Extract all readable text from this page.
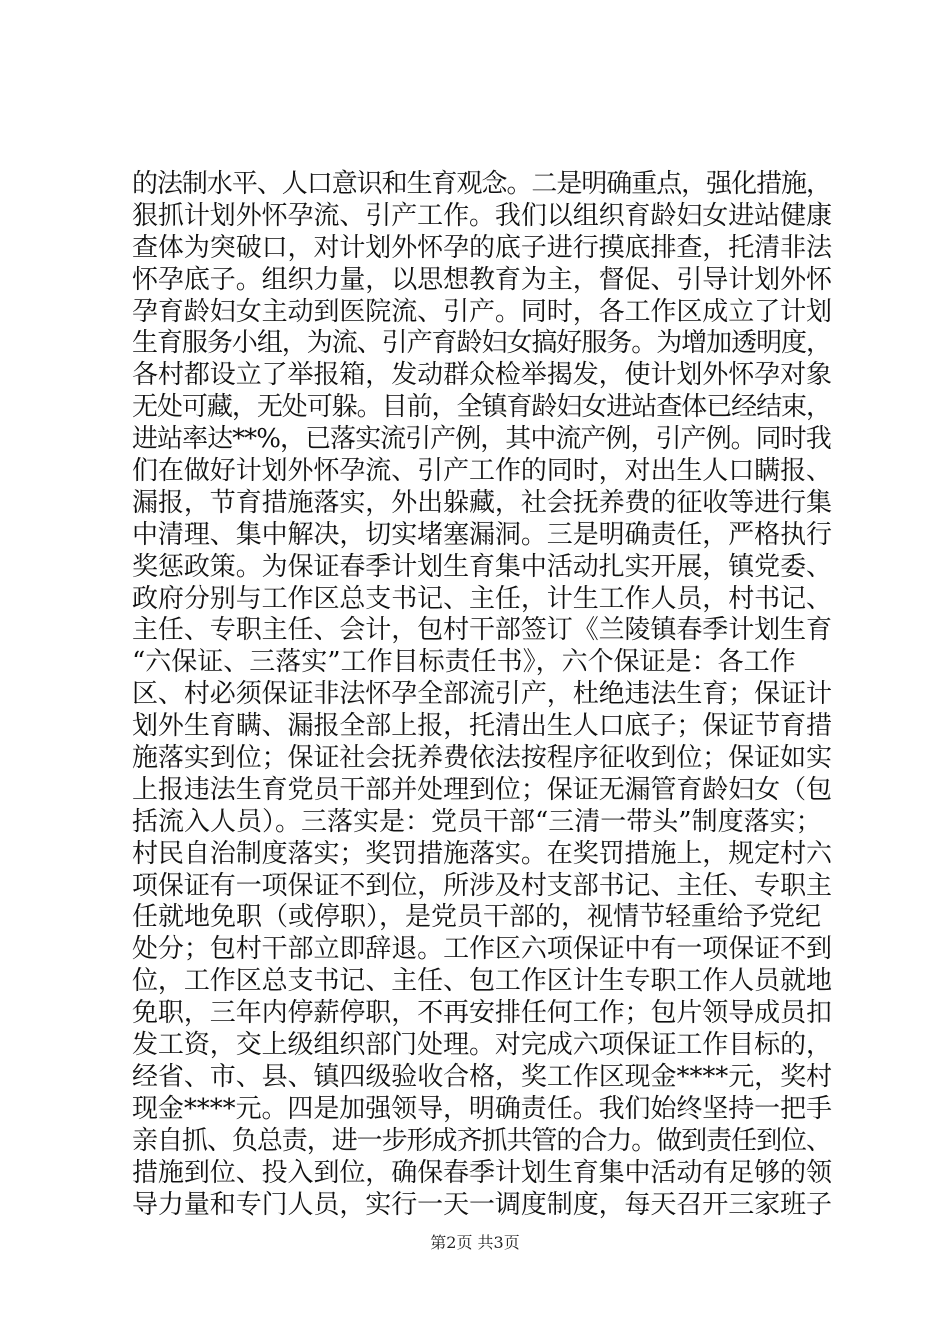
的法制水平、人口意识和生育观念。二是明确重点，强化措施，
狠抓计划外怀孕流、引产工作。我们以组织育龄妇女进站健康
查体为突破口，对计划外怀孕的底子进行摸底排查，托清非法
怀孕底子。组织力量，以思想教育为主，督促、引导计划外怀
孕育龄妇女主动到医院流、引产。同时，各工作区成立了计划
生育服务小组，为流、引产育龄妇女搞好服务。为增加透明度，
各村都设立了举报箱，发动群众检举揭发，使计划外怀孕对象
无处可藏，无处可躲。目前，全镇育龄妇女进站查体已经结束，
进站率达**%，已落实流引产例，其中流产例，引产例。同时我
们在做好计划外怀孕流、引产工作的同时，对出生人口瞒报、
漏报，节育措施落实，外出躲藏，社会抚养费的征收等进行集
中清理、集中解决，切实堵塞漏洞。三是明确责任，严格执行
奖惩政策。为保证春季计划生育集中活动扎实开展，镇党委、
政府分别与工作区总支书记、主任，计生工作人员，村书记、
主任、专职主任、会计，包村干部签订《兰陵镇春季计划生育
“六保证、三落实”工作目标责任书》，六个保证是：各工作
区、村必须保证非法怀孕全部流引产，杜绝违法生育；保证计
划外生育瞒、漏报全部上报，托清出生人口底子；保证节育措
施落实到位；保证社会抚养费依法按程序征收到位；保证如实
上报违法生育党员干部并处理到位；保证无漏管育龄妇女（包
括流入人员）。三落实是：党员干部“三清一带头”制度落实；
村民自治制度落实；奖罚措施落实。在奖罚措施上，规定村六
项保证有一项保证不到位，所涉及村支部书记、主任、专职主
任就地免职（或停职），是党员干部的，视情节轻重给予党纪
处分；包村干部立即辞退。工作区六项保证中有一项保证不到
位，工作区总支书记、主任、包工作区计生专职工作人员就地
免职，三年内停薪停职，不再安排任何工作；包片领导成员扣
发工资，交上级组织部门处理。对完成六项保证工作目标的，
经省、市、县、镇四级验收合格，奖工作区现金****元，奖村
现金****元。四是加强领导，明确责任。我们始终坚持一把手
亲自抓、负总责，进一步形成齐抓共管的合力。做到责任到位、
措施到位、投入到位，确保春季计划生育集中活动有足够的领
导力量和专门人员，实行一天一调度制度，每天召开三家班子
第2页 共3页
